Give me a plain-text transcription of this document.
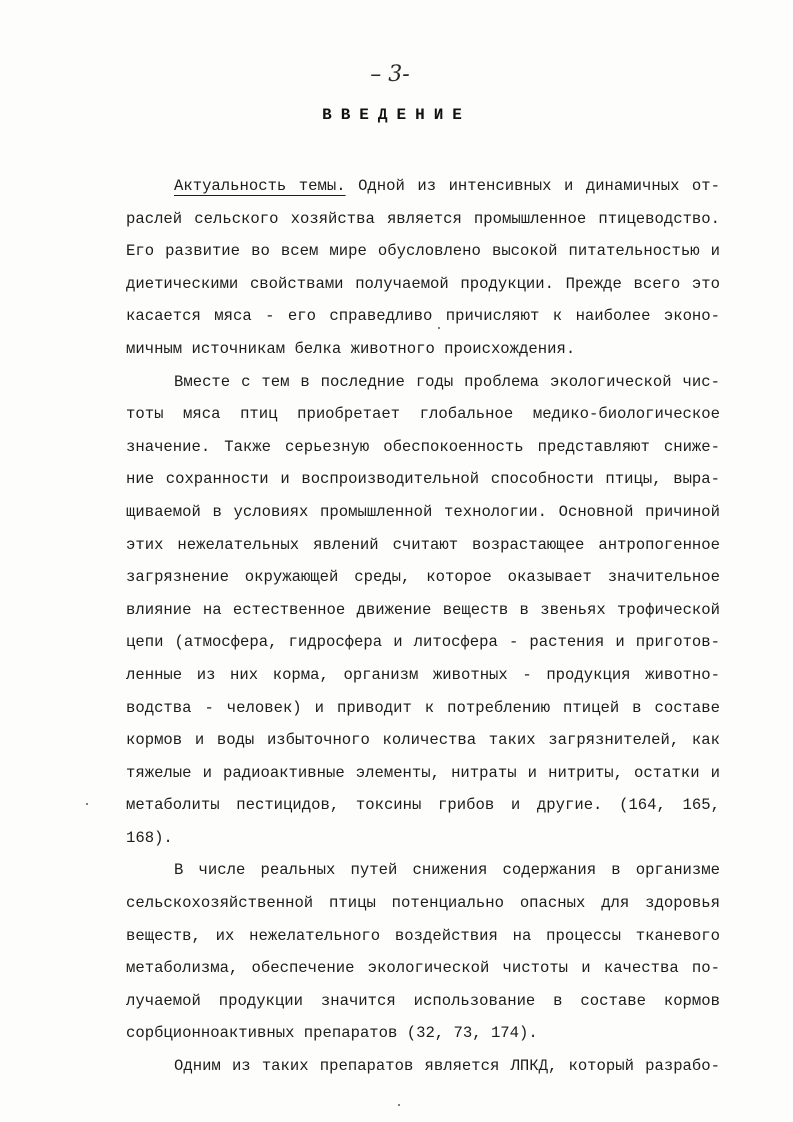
– 3-
ВВЕДЕНИЕ
Актуальность темы. Одной из интенсивных и динамичных от-
раслей сельского хозяйства является промышленное птицеводство.
Его развитие во всем мире обусловлено высокой питательностью и
диетическими свойствами получаемой продукции. Прежде всего это
касается мяса - его справедливо причисляют к наиболее эконо-
мичным источникам белка животного происхождения.
Вместе с тем в последние годы проблема экологической чис-
тоты мяса птиц приобретает глобальное медико-биологическое
значение. Также серьезную обеспокоенность представляют сниже-
ние сохранности и воспроизводительной способности птицы, выра-
щиваемой в условиях промышленной технологии. Основной причиной
этих нежелательных явлений считают возрастающее антропогенное
загрязнение окружающей среды, которое оказывает значительное
влияние на естественное движение веществ в звеньях трофической
цепи (атмосфера, гидросфера и литосфера - растения и приготов-
ленные из них корма, организм животных - продукция животно-
водства - человек) и приводит к потреблению птицей в составе
кормов и воды избыточного количества таких загрязнителей, как
тяжелые и радиоактивные элементы, нитраты и нитриты, остатки и
метаболиты пестицидов, токсины грибов и другие. (164, 165,
168).
В числе реальных путей снижения содержания в организме
сельскохозяйственной птицы потенциально опасных для здоровья
веществ, их нежелательного воздействия на процессы тканевого
метаболизма, обеспечение экологической чистоты и качества по-
лучаемой продукции значится использование в составе кормов
сорбционноактивных препаратов (32, 73, 174).
Одним из таких препаратов является ЛПКД, который разрабо-
